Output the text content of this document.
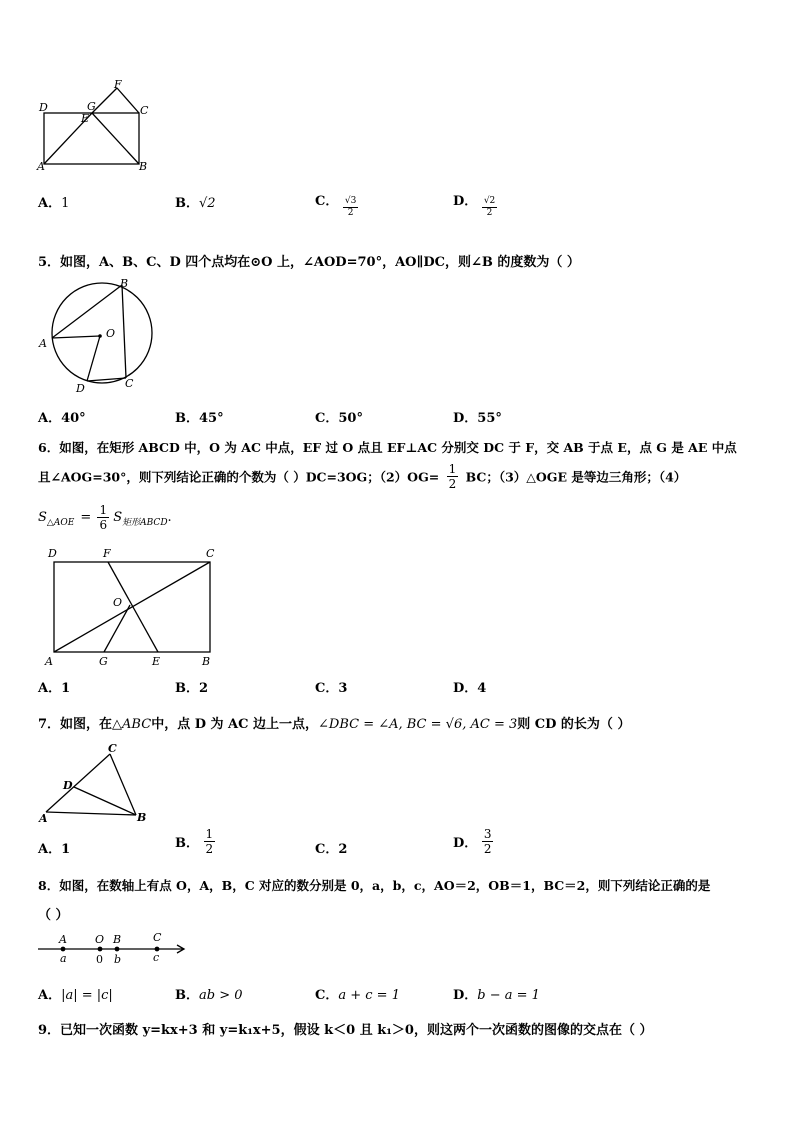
D	G
F
C
E
A	B
A．1	B．√2	C． $\frac{√3}{2}$	D． $\frac{√2}{2}$
5．如图，A、B、C、D 四个点均在⊙O 上，∠AOD=70°，AO∥DC，则∠B 的度数为（ ）
B
A
O
D	C
A．40°	B．45°	C．50°	D．55°
6．如图，在矩形 ABCD 中，O 为 AC 中点，EF 过 O 点且 EF⊥AC 分别交 DC 于 F，交 AB 于点 E，点 G 是 AE 中点
且∠AOG=30°，则下列结论正确的个数为（ ）DC=3OG；$(2)OG= \frac{1}{2}$ BC；（3）△OGE 是等边三角形；（4）
$S_{\triangle AOE} = \frac{1}{6} S_{矩形ABCD}$.
D	F	C
O
A	G	E	B
A．1	B．2	C．3	D．4
7．如图，在△ABC中，点 D 为 AC 边上一点，∠DBC = ∠A, BC = √6, AC = 3则 CD 的长为（ ）
C
D
A	B
A．1	B． $\frac{1}{2}$	C．2	D． $\frac{3}{2}$
8．如图，在数轴上有点 O，A，B，C 对应的数分别是 0，a，b，c，AO＝2，OB＝1，BC＝2，则下列结论正确的是
（ ）
A	O B	C
a	0 b	c
A．|a| = |c|	B．ab > 0	C．a + c = 1	D．b − a = 1
9．已知一次函数 y=kx+3 和 y=k₁x+5，假设 k＜0 且 k₁＞0，则这两个一次函数的图像的交点在（ ）
